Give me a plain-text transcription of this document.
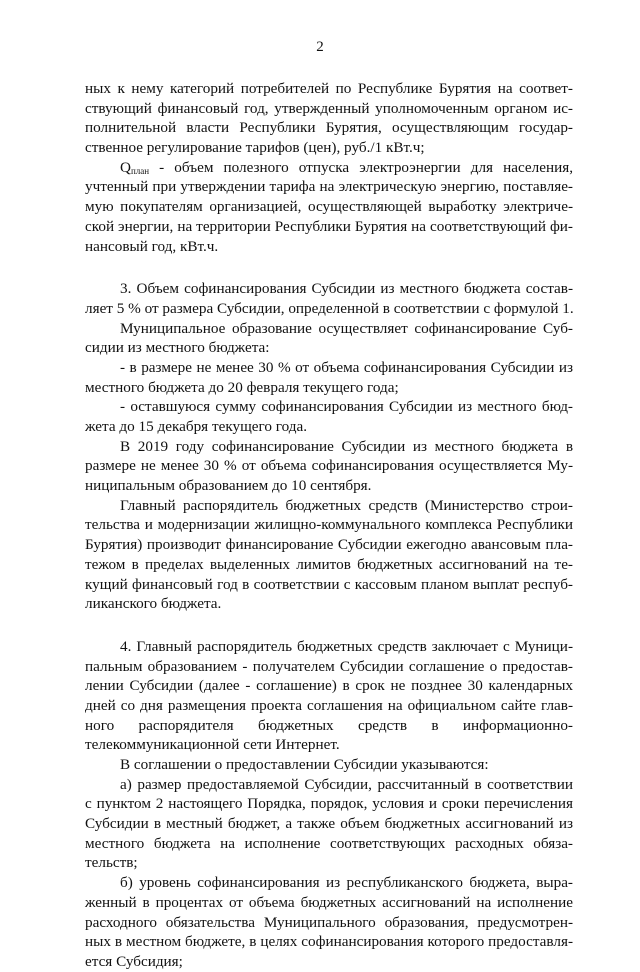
2
ных к нему категорий потребителей по Республике Бурятия на соответ-
ствующий финансовый год, утвержденный уполномоченным органом ис-
полнительной власти Республики Бурятия, осуществляющим государ-
ственное регулирование тарифов (цен), руб./1 кВт.ч;
Qплан - объем полезного отпуска электроэнергии для населения,
учтенный при утверждении тарифа на электрическую энергию, поставляе-
мую покупателям организацией, осуществляющей выработку электриче-
ской энергии, на территории Республики Бурятия на соответствующий фи-
нансовый год, кВт.ч.
3. Объем софинансирования Субсидии из местного бюджета состав-
ляет 5 % от размера Субсидии, определенной в соответствии с формулой 1.
Муниципальное образование осуществляет софинансирование Суб-
сидии из местного бюджета:
- в размере не менее 30 % от объема софинансирования Субсидии из
местного бюджета до 20 февраля текущего года;
- оставшуюся сумму софинансирования Субсидии из местного бюд-
жета до 15 декабря текущего года.
В 2019 году софинансирование Субсидии из местного бюджета в
размере не менее 30 % от объема софинансирования осуществляется Му-
ниципальным образованием до 10 сентября.
Главный распорядитель бюджетных средств (Министерство строи-
тельства и модернизации жилищно-коммунального комплекса Республики
Бурятия) производит финансирование Субсидии ежегодно авансовым пла-
тежом в пределах выделенных лимитов бюджетных ассигнований на те-
кущий финансовый год в соответствии с кассовым планом выплат респуб-
ликанского бюджета.
4. Главный распорядитель бюджетных средств заключает с Муници-
пальным образованием - получателем Субсидии соглашение о предостав-
лении Субсидии (далее - соглашение) в срок не позднее 30 календарных
дней со дня размещения проекта соглашения на официальном сайте глав-
ного распорядителя бюджетных средств в информационно-
телекоммуникационной сети Интернет.
В соглашении о предоставлении Субсидии указываются:
а) размер предоставляемой Субсидии, рассчитанный в соответствии
с пунктом 2 настоящего Порядка, порядок, условия и сроки перечисления
Субсидии в местный бюджет, а также объем бюджетных ассигнований из
местного бюджета на исполнение соответствующих расходных обяза-
тельств;
б) уровень софинансирования из республиканского бюджета, выра-
женный в процентах от объема бюджетных ассигнований на исполнение
расходного обязательства Муниципального образования, предусмотрен-
ных в местном бюджете, в целях софинансирования которого предоставля-
ется Субсидия;
